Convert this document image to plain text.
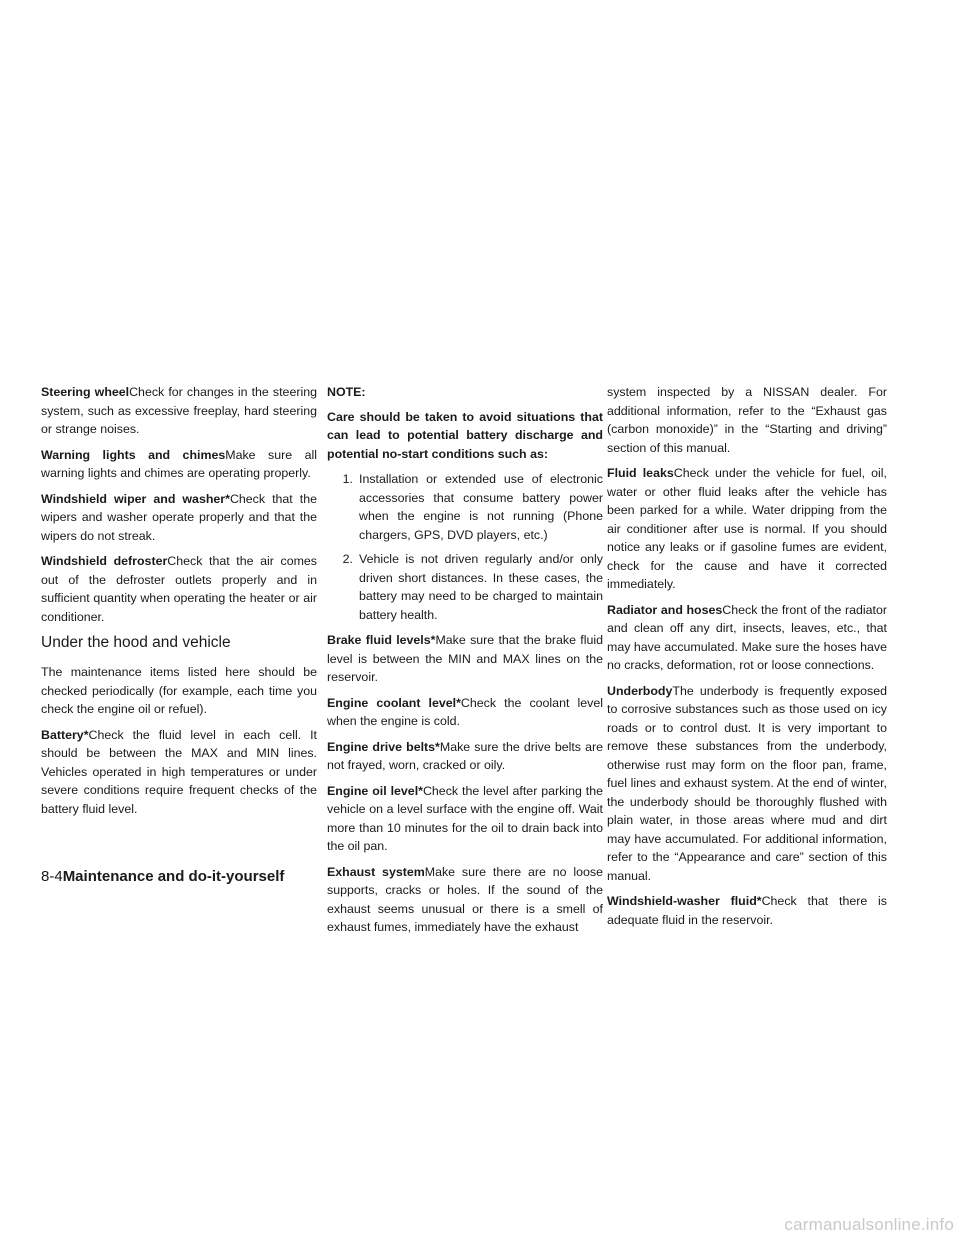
Steering wheelCheck for changes in the steering system, such as excessive freeplay, hard steering or strange noises.

Warning lights and chimesMake sure all warning lights and chimes are operating properly.

Windshield wiper and washer*Check that the wipers and washer operate properly and that the wipers do not streak.

Windshield defrosterCheck that the air comes out of the defroster outlets properly and in sufficient quantity when operating the heater or air conditioner.

Under the hood and vehicle

The maintenance items listed here should be checked periodically (for example, each time you check the engine oil or refuel).

Battery*Check the fluid level in each cell. It should be between the MAX and MIN lines. Vehicles operated in high temperatures or under severe conditions require frequent checks of the battery fluid level.

NOTE:

Care should be taken to avoid situations that can lead to potential battery discharge and potential no-start conditions such as:

1. Installation or extended use of electronic accessories that consume battery power when the engine is not running (Phone chargers, GPS, DVD players, etc.)
2. Vehicle is not driven regularly and/or only driven short distances. In these cases, the battery may need to be charged to maintain battery health.

Brake fluid levels*Make sure that the brake fluid level is between the MIN and MAX lines on the reservoir.

Engine coolant level*Check the coolant level when the engine is cold.

Engine drive belts*Make sure the drive belts are not frayed, worn, cracked or oily.

Engine oil level*Check the level after parking the vehicle on a level surface with the engine off. Wait more than 10 minutes for the oil to drain back into the oil pan.

Exhaust systemMake sure there are no loose supports, cracks or holes. If the sound of the exhaust seems unusual or there is a smell of exhaust fumes, immediately have the exhaust

system inspected by a NISSAN dealer. For additional information, refer to the “Exhaust gas (carbon monoxide)” in the “Starting and driving” section of this manual.

Fluid leaksCheck under the vehicle for fuel, oil, water or other fluid leaks after the vehicle has been parked for a while. Water dripping from the air conditioner after use is normal. If you should notice any leaks or if gasoline fumes are evident, check for the cause and have it corrected immediately.

Radiator and hosesCheck the front of the radiator and clean off any dirt, insects, leaves, etc., that may have accumulated. Make sure the hoses have no cracks, deformation, rot or loose connections.

UnderbodyThe underbody is frequently exposed to corrosive substances such as those used on icy roads or to control dust. It is very important to remove these substances from the underbody, otherwise rust may form on the floor pan, frame, fuel lines and exhaust system. At the end of winter, the underbody should be thoroughly flushed with plain water, in those areas where mud and dirt may have accumulated. For additional information, refer to the “Appearance and care” section of this manual.

Windshield-washer fluid*Check that there is adequate fluid in the reservoir.

8-4Maintenance and do-it-yourself
carmanualsonline.info
